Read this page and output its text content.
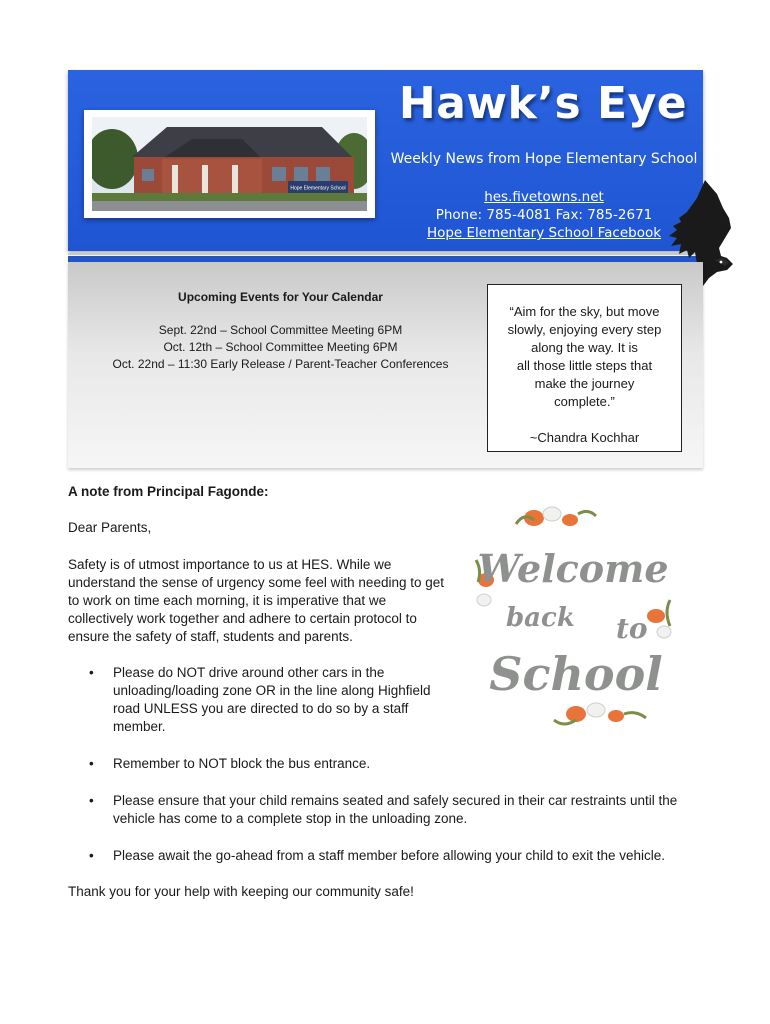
Hope Elementary School
Hawk’s Eye
Weekly News from Hope Elementary School
hes.fivetowns.net
Phone: 785-4081 Fax: 785-2671
Hope Elementary School Facebook
Upcoming Events for Your Calendar
Sept. 22nd – School Committee Meeting 6PM
Oct. 12th – School Committee Meeting 6PM
Oct. 22nd – 11:30 Early Release / Parent-Teacher Conferences
“Aim for the sky, but move
slowly, enjoying every step
along the way. It is
all those little steps that
make the journey
complete.”
~Chandra Kochhar
A note from Principal Fagonde:
Dear Parents,
Safety is of utmost importance to us at HES. While we understand the sense of urgency some feel with needing to get to work on time each morning, it is imperative that we collectively work together and adhere to certain protocol to ensure the safety of staff, students and parents.
• Please do NOT drive around other cars in the unloading/loading zone OR in the line along Highfield road UNLESS you are directed to do so by a staff member.
• Remember to NOT block the bus entrance.
• Please ensure that your child remains seated and safely secured in their car restraints until the vehicle has come to a complete stop in the unloading zone.
• Please await the go-ahead from a staff member before allowing your child to exit the vehicle.
Thank you for your help with keeping our community safe!
Welcome
back to
School
